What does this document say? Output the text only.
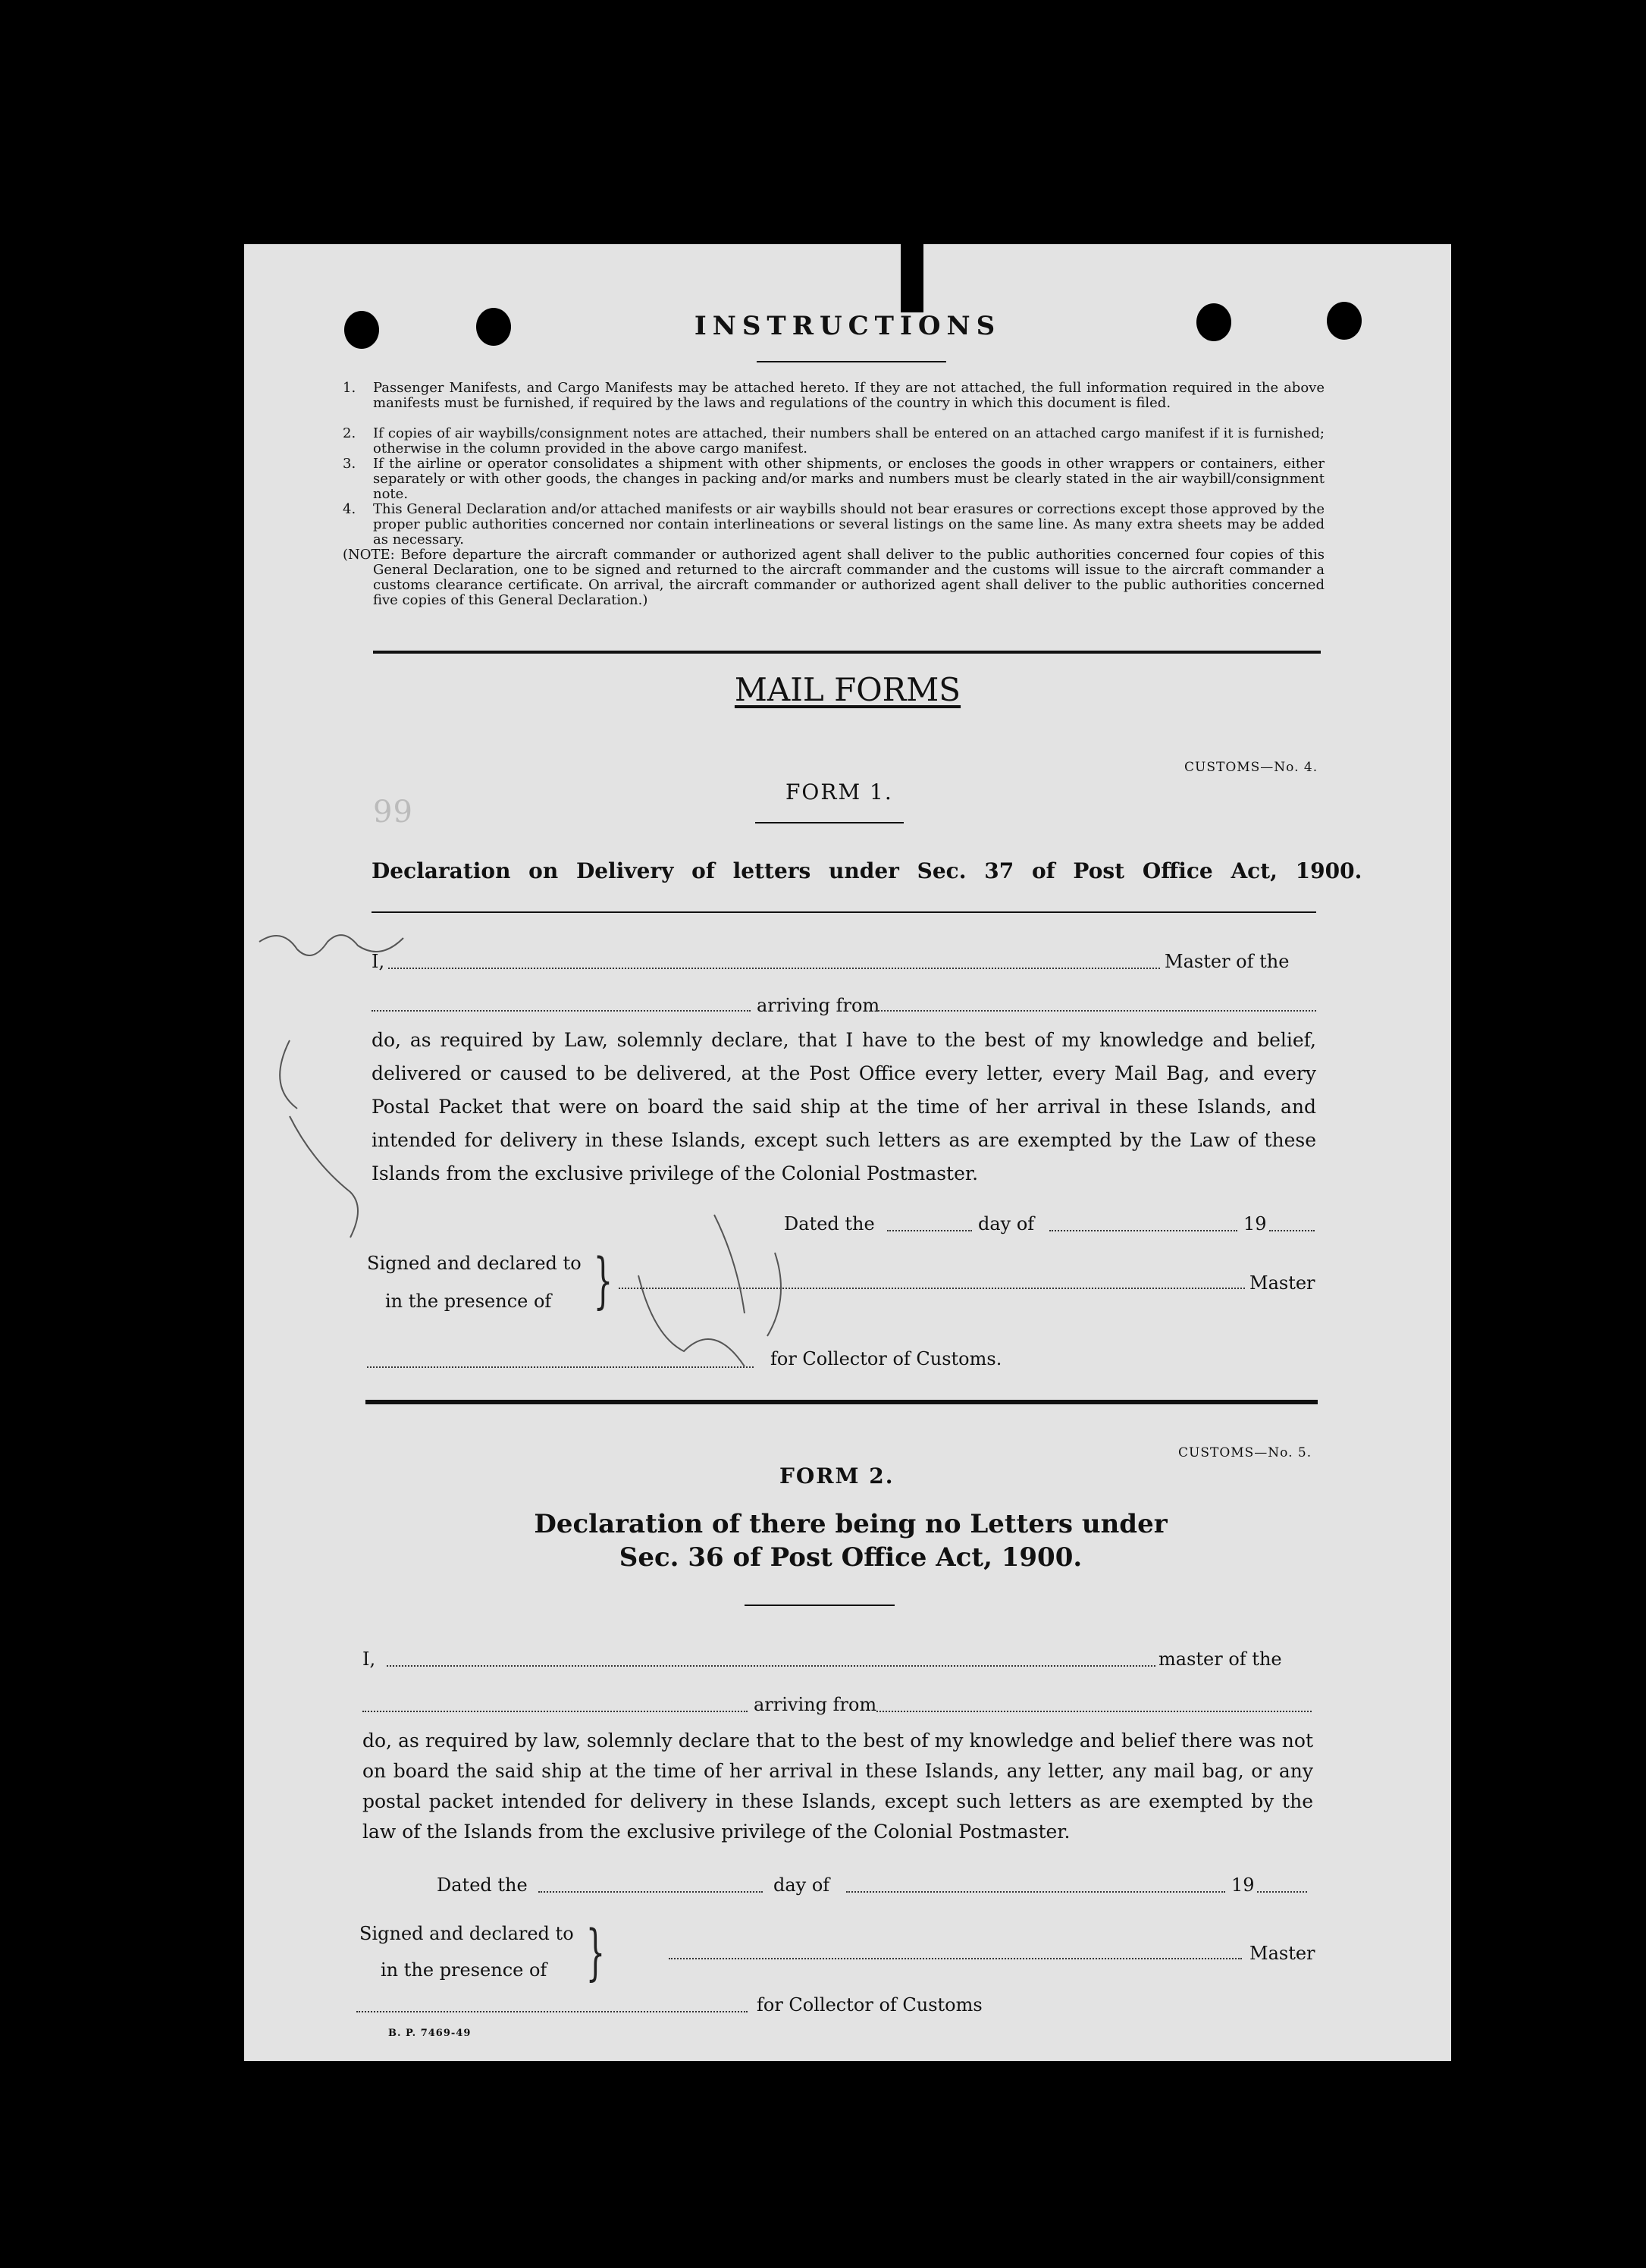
INSTRUCTIONS
1. Passenger Manifests, and Cargo Manifests may be attached hereto. If they are not attached, the full information required in the above manifests must be furnished, if required by the laws and regulations of the country in which this document is filed.
2. If copies of air waybills/consignment notes are attached, their numbers shall be entered on an attached cargo manifest if it is furnished; otherwise in the column provided in the above cargo manifest.
3. If the airline or operator consolidates a shipment with other shipments, or encloses the goods in other wrappers or containers, either separately or with other goods, the changes in packing and/or marks and numbers must be clearly stated in the air waybill/consignment note.
4. This General Declaration and/or attached manifests or air waybills should not bear erasures or corrections except those approved by the proper public authorities concerned nor contain interlineations or several listings on the same line. As many extra sheets may be added as necessary.
(NOTE: Before departure the aircraft commander or authorized agent shall deliver to the public authorities concerned four copies of this General Declaration, one to be signed and returned to the aircraft commander and the customs will issue to the aircraft commander a customs clearance certificate. On arrival, the aircraft commander or authorized agent shall deliver to the public authorities concerned five copies of this General Declaration.)
MAIL FORMS
CUSTOMS—No. 4.
FORM 1.
99
Declaration on Delivery of letters under Sec. 37 of Post Office Act, 1900.
I,	Master of the
arriving from
do, as required by Law, solemnly declare, that I have to the best of my knowledge and belief, delivered or caused to be delivered, at the Post Office every letter, every Mail Bag, and every Postal Packet that were on board the said ship at the time of her arrival in these Islands, and intended for delivery in these Islands, except such letters as are exempted by the Law of these Islands from the exclusive privilege of the Colonial Postmaster.
Dated the	day of	19
Signed and declared to
in the presence of }	Master
for Collector of Customs.
CUSTOMS—No. 5.
FORM 2.
Declaration of there being no Letters under
Sec. 36 of Post Office Act, 1900.
I,	master of the
arriving from
do, as required by law, solemnly declare that to the best of my knowledge and belief there was not on board the said ship at the time of her arrival in these Islands, any letter, any mail bag, or any postal packet intended for delivery in these Islands, except such letters as are exempted by the law of the Islands from the exclusive privilege of the Colonial Postmaster.
Dated the	day of	19
Signed and declared to
in the presence of }	Master
for Collector of Customs
B. P. 7469-49
